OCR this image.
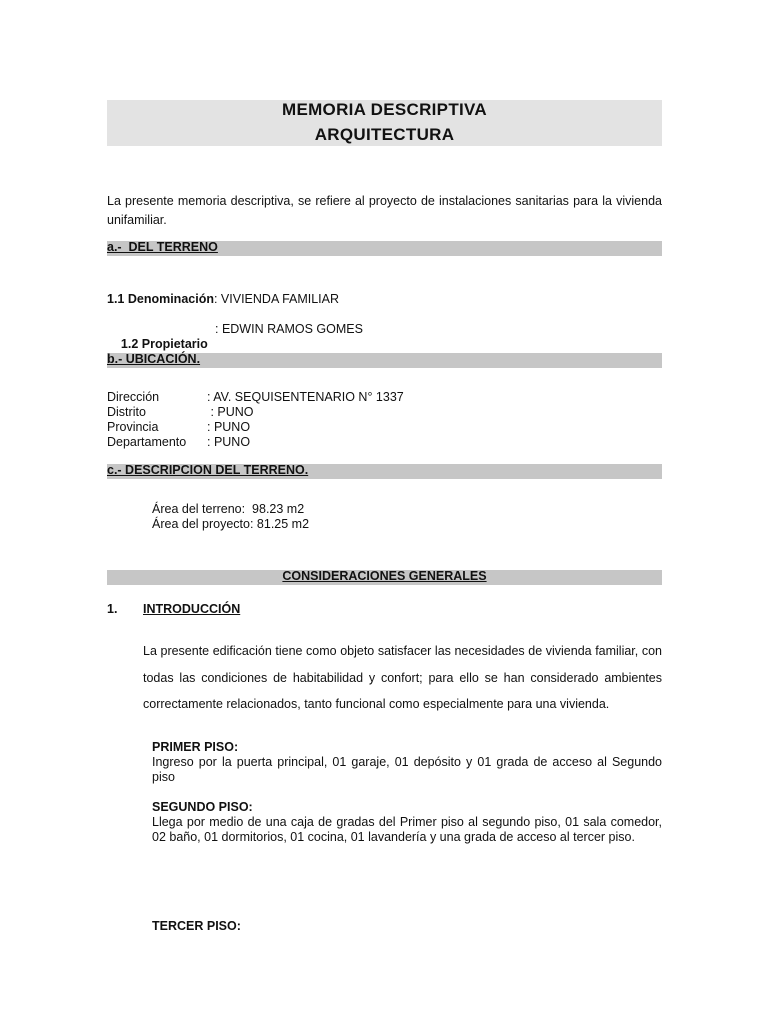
MEMORIA DESCRIPTIVA
ARQUITECTURA
La presente memoria descriptiva, se refiere al proyecto de instalaciones sanitarias para la vivienda unifamiliar.
a.-  DEL TERRENO
1.1 Denominación: VIVIENDA FAMILIAR

1.2 Propietario

: EDWIN RAMOS GOMES
b.- UBICACIÓN.
Dirección	: AV. SEQUISENTENARIO N° 1337
Distrito	: PUNO
Provincia	: PUNO
Departamento : PUNO
c.- DESCRIPCION DEL TERRENO.
Área del terreno:  98.23 m2
Área del proyecto: 81.25 m2
CONSIDERACIONES GENERALES
1. INTRODUCCIÓN
La presente edificación tiene como objeto satisfacer las necesidades de vivienda familiar, con todas las condiciones de habitabilidad y confort; para ello se han considerado ambientes correctamente relacionados, tanto funcional como especialmente para una vivienda.
PRIMER PISO:
Ingreso por la puerta principal, 01 garaje, 01 depósito y 01 grada de acceso al Segundo piso
SEGUNDO PISO:
Llega por medio de una caja de gradas del Primer piso al segundo piso, 01 sala comedor, 02 baño, 01 dormitorios, 01 cocina, 01 lavandería y una grada de acceso al tercer piso.
TERCER PISO:
